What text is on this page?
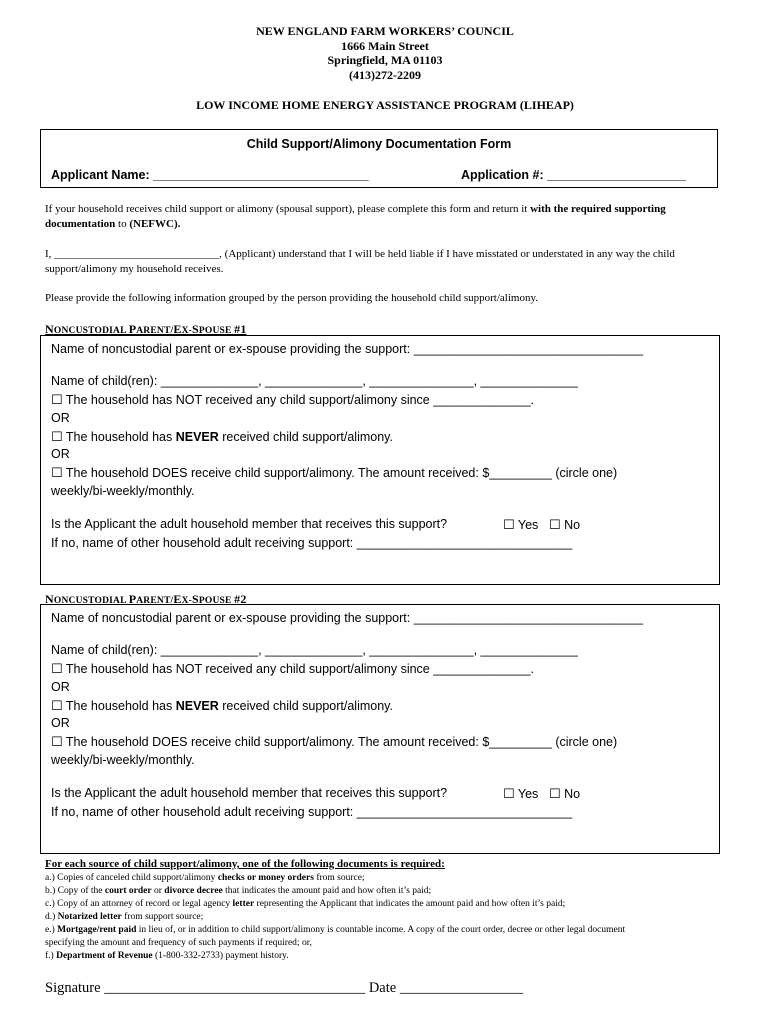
NEW ENGLAND FARM WORKERS’ COUNCIL
1666 Main Street
Springfield, MA 01103
(413)272-2209
LOW INCOME HOME ENERGY ASSISTANCE PROGRAM (LIHEAP)
Child Support/Alimony Documentation Form
Applicant Name: _______________________________	Application #: ____________________
If your household receives child support or alimony (spousal support), please complete this form and return it with the required supporting documentation to (NEFWC).
I, ______________________________, (Applicant) understand that I will be held liable if I have misstated or understated in any way the child support/alimony my household receives.
Please provide the following information grouped by the person providing the household child support/alimony.
NONCUSTODIAL PARENT/EX-SPOUSE #1
Name of noncustodial parent or ex-spouse providing the support: _________________________________
Name of child(ren): ______________, ______________, _______________, ______________
☐ The household has NOT received any child support/alimony since ______________.
OR
☐ The household has NEVER received child support/alimony.
OR
☐ The household DOES receive child support/alimony. The amount received: $_________ (circle one)
weekly/bi-weekly/monthly.
Is the Applicant the adult household member that receives this support?	☐ Yes ☐ No
If no, name of other household adult receiving support: _______________________________
NONCUSTODIAL PARENT/EX-SPOUSE #2
Name of noncustodial parent or ex-spouse providing the support: _________________________________
Name of child(ren): ______________, ______________, _______________, ______________
☐ The household has NOT received any child support/alimony since ______________.
OR
☐ The household has NEVER received child support/alimony.
OR
☐ The household DOES receive child support/alimony. The amount received: $_________ (circle one)
weekly/bi-weekly/monthly.
Is the Applicant the adult household member that receives this support?	☐ Yes ☐ No
If no, name of other household adult receiving support: _______________________________
For each source of child support/alimony, one of the following documents is required:
a.) Copies of canceled child support/alimony checks or money orders from source;
b.) Copy of the court order or divorce decree that indicates the amount paid and how often it’s paid;
c.) Copy of an attorney of record or legal agency letter representing the Applicant that indicates the amount paid and how often it’s paid;
d.) Notarized letter from support source;
e.) Mortgage/rent paid in lieu of, or in addition to child support/alimony is countable income. A copy of the court order, decree or other legal document specifying the amount and frequency of such payments if required; or,
f.) Department of Revenue (1-800-332-2733) payment history.
Signature ____________________________________ Date _________________
